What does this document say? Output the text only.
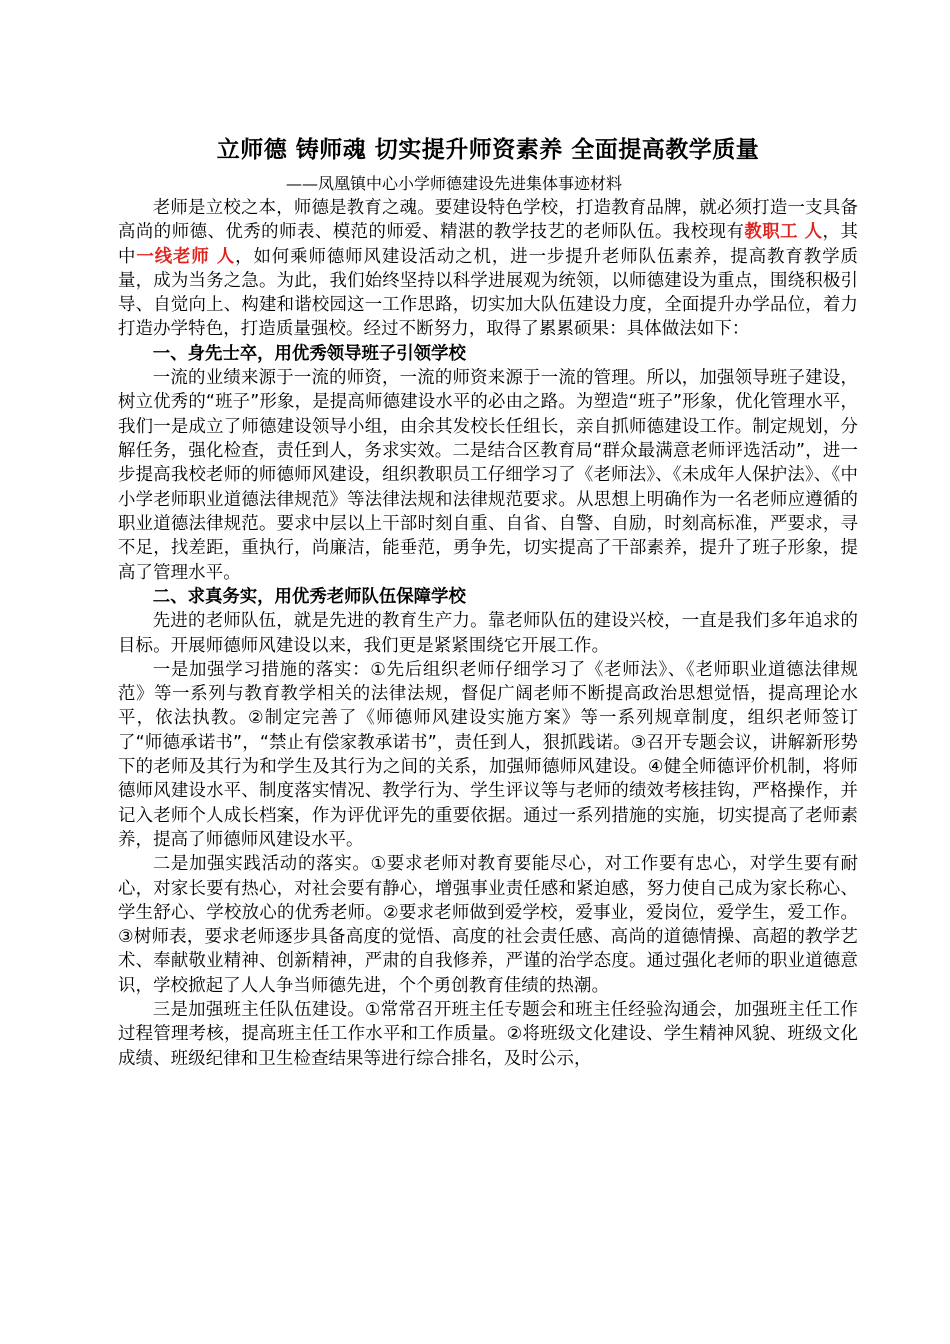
立师德 铸师魂 切实提升师资素养 全面提高教学质量

——凤凰镇中心小学师德建设先进集体事迹材料

老师是立校之本，师德是教育之魂。要建设特色学校，打造教育品牌，就必须打造一支具备高尚的师德、优秀的师表、模范的师爱、精湛的教学技艺的老师队伍。我校现有教职工 人，其中一线老师 人，如何乘师德师风建设活动之机，进一步提升老师队伍素养，提高教育教学质量，成为当务之急。为此，我们始终坚持以科学进展观为统领，以师德建设为重点，围绕积极引导、自觉向上、构建和谐校园这一工作思路，切实加大队伍建设力度，全面提升办学品位，着力打造办学特色，打造质量强校。经过不断努力，取得了累累硕果：具体做法如下：

一、身先士卒，用优秀领导班子引领学校

一流的业绩来源于一流的师资，一流的师资来源于一流的管理。所以，加强领导班子建设，树立优秀的“班子”形象，是提高师德建设水平的必由之路。为塑造“班子”形象，优化管理水平，我们一是成立了师德建设领导小组，由余其发校长任组长，亲自抓师德建设工作。制定规划，分解任务，强化检查，责任到人，务求实效。二是结合区教育局“群众最满意老师评选活动”，进一步提高我校老师的师德师风建设，组织教职员工仔细学习了《老师法》、《未成年人保护法》、《中小学老师职业道德法律规范》等法律法规和法律规范要求。从思想上明确作为一名老师应遵循的职业道德法律规范。要求中层以上干部时刻自重、自省、自警、自励，时刻高标准，严要求，寻不足，找差距，重执行，尚廉洁，能垂范，勇争先，切实提高了干部素养，提升了班子形象，提高了管理水平。

二、求真务实，用优秀老师队伍保障学校

先进的老师队伍，就是先进的教育生产力。靠老师队伍的建设兴校，一直是我们多年追求的目标。开展师德师风建设以来，我们更是紧紧围绕它开展工作。

一是加强学习措施的落实：①先后组织老师仔细学习了《老师法》、《老师职业道德法律规范》等一系列与教育教学相关的法律法规，督促广阔老师不断提高政治思想觉悟，提高理论水平，依法执教。②制定完善了《师德师风建设实施方案》等一系列规章制度，组织老师签订了“师德承诺书”，“禁止有偿家教承诺书”，责任到人，狠抓践诺。③召开专题会议，讲解新形势下的老师及其行为和学生及其行为之间的关系，加强师德师风建设。④健全师德评价机制，将师德师风建设水平、制度落实情况、教学行为、学生评议等与老师的绩效考核挂钩，严格操作，并记入老师个人成长档案，作为评优评先的重要依据。通过一系列措施的实施，切实提高了老师素养，提高了师德师风建设水平。

二是加强实践活动的落实。①要求老师对教育要能尽心，对工作要有忠心，对学生要有耐心，对家长要有热心，对社会要有静心，增强事业责任感和紧迫感，努力使自己成为家长称心、学生舒心、学校放心的优秀老师。②要求老师做到爱学校，爱事业，爱岗位，爱学生，爱工作。③树师表，要求老师逐步具备高度的觉悟、高度的社会责任感、高尚的道德情操、高超的教学艺术、奉献敬业精神、创新精神，严肃的自我修养，严谨的治学态度。通过强化老师的职业道德意识，学校掀起了人人争当师德先进，个个勇创教育佳绩的热潮。

三是加强班主任队伍建设。①常常召开班主任专题会和班主任经验沟通会，加强班主任工作过程管理考核，提高班主任工作水平和工作质量。②将班级文化建设、学生精神风貌、班级文化成绩、班级纪律和卫生检查结果等进行综合排名，及时公示，
